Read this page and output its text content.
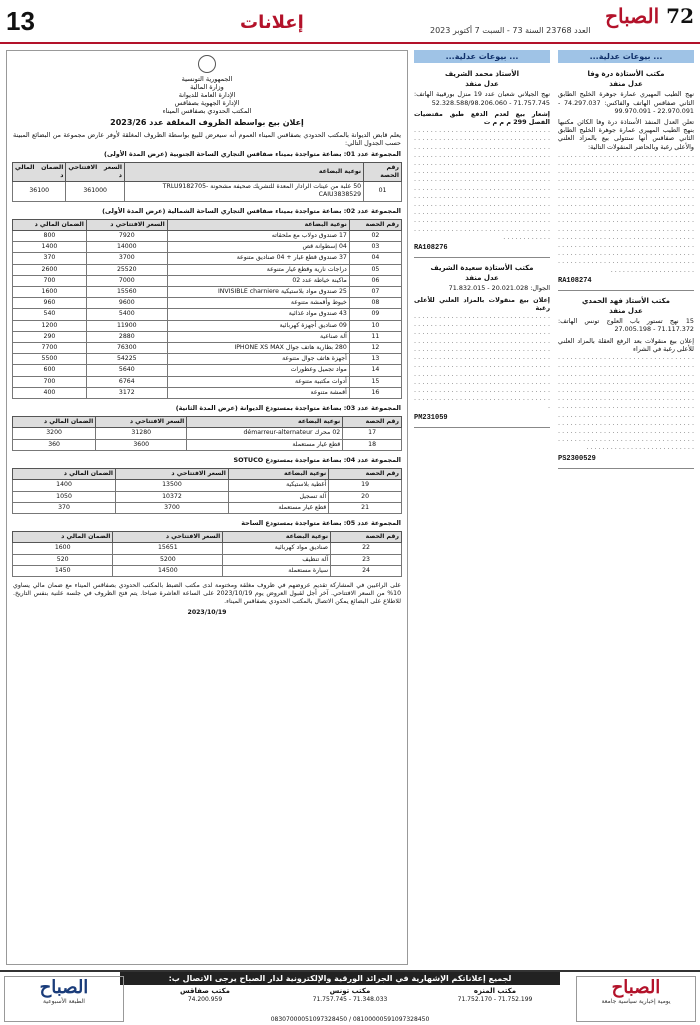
13	إعلانات	العدد 23768 السنة 73 - السبت 7 أكتوبر 2023
72 الصباح
... بيوعات عدلية...
مكتب الأستاذة درة وفا
عدل منفذ

نهج الطيب المهيري عمارة جوهرة الخليج الطابق الثاني صفاقس الهاتف والفاكس: 74.297.037 - 22.970.091 - 99.970.091

تعلن العدل المنفذ الأستاذة درة وفا الكائن مكتبها بنهج الطيب المهيري عمارة جوهرة الخليج الطابق الثاني صفاقس أنها ستتولى بيع بالمزاد العلني والأعلى رغبة وبالحاضر المنقولات التالية:

. . . . . . . . . . . . . . . . . . . . . . . . . . . . . . . . . . . . . . . . . . . . . . . . . . . . . . . . . . . . . . . . . . . . . . . . . . . . . . . . . . . . . . . . . . . . . . . . . . . . . . . . . . . . . . . . . . . . . . . . . . . . . . . . . . . . . . . . . . . . . . . . . . . . . . . . . . . . . . . . . . . . . . . . . . . . . . . . . . . . . . . . . . . . . . . . . . . . . . . . . . . . . . . . . . . . . . . . . . . . . . . . . . . . . . . . . . . . . . . . . . . . . . . . . . . . . . . . . . . . . . . . . . . . . . . . . . . . . . . . . . . . . . . . . . . . . . . . . . . . . . . . . . . . . . . . . . . . . . . . . . . . . . . . . . . . . . . . . . . . . . . . . . . . . . . . . . . . . . . . . . . . . . . . . . . . . . . . . . . . . . . . . . . . . . . . . . . . . . . . . . . . . . . . . . . . . . . . . . . . . . . . . . . . . . . . . . . . . . . . . . . . . . . . . . . . . . . . . . . . . . . . . . . . . . . . . . . . . . . . . . .

RA108274

مكتب الأستاذ فهد الحمدي
عدل منفذ

15 نهج تستور باب العلوج تونس الهاتف: 71.117.372 - 27.005.198

إعلان بيع منقولات بعد الرفع العقلة بالمزاد العلني للأعلى رغبة في الشراء

. . . . . . . . . . . . . . . . . . . . . . . . . . . . . . . . . . . . . . . . . . . . . . . . . . . . . . . . . . . . . . . . . . . . . . . . . . . . . . . . . . . . . . . . . . . . . . . . . . . . . . . . . . . . . . . . . . . . . . . . . . . . . . . . . . . . . . . . . . . . . . . . . . . . . . . . . . . . . . . . . . . . . . . . . . . . . . . . . . . . . . . . . . . . . . . . . . . . . . . . . . . . . . . . . . . . . . . . . . . . . . . . . . . . . . . . . . . . . . . . . . . . . . . . . . . . . . . . . . . . . . . . . . . . . . . . . . . . . . . . . . . . . . . . . . . . . . . . . . . . . . . . . . . . . . . . . . . . . . . . . . . . . . . . . . . . . . . . . . . . . . . . . . . . . . . . . . . . . . . . . . . . . . . . . . . . . . . . . . . . . . . . . . . . . .

PS2300529

... بيوعات عدلية...
الأستاذ محمد الشريف
عدل منفذ

نهج الجيلاني شعبان عدد 19 منزل بورقيبة الهاتف: 71.757.745 - 52.328.588/98.206.060

إشعار بيع لعدم الدفع طبق مقتضيات الفصل 299 م م م ت

. . . . . . . . . . . . . . . . . . . . . . . . . . . . . . . . . . . . . . . . . . . . . . . . . . . . . . . . . . . . . . . . . . . . . . . . . . . . . . . . . . . . . . . . . . . . . . . . . . . . . . . . . . . . . . . . . . . . . . . . . . . . . . . . . . . . . . . . . . . . . . . . . . . . . . . . . . . . . . . . . . . . . . . . . . . . . . . . . . . . . . . . . . . . . . . . . . . . . . . . . . . . . . . . . . . . . . . . . . . . . . . . . . . . . . . . . . . . . . . . . . . . . . . . . . . . . . . . . . . . . . . . . . . . . . . . . . . . . . . . . . . . . . . . . . . . . . . . . . . . . . . . . . . . . . . . . . . . . . . . . . . . . . . . . . . . . . . . . . . . . . . . . . . . . . . . . . . . . . . . . . . . . . . . . . . . . . . . . . . . . . . . . . . . . . . . . . . . . . . . . . . . . . . . . . . . . . . . . . . . . . . . . . . . . . . . . . . . . . . . .

RA108276

مكتب الأستاذة سعيدة الشريف
عدل منفذ

الجوال: 20.021.028 - 71.832.015

إعلان بيع منقولات بالمزاد العلني للأعلى رغبة

. . . . . . . . . . . . . . . . . . . . . . . . . . . . . . . . . . . . . . . . . . . . . . . . . . . . . . . . . . . . . . . . . . . . . . . . . . . . . . . . . . . . . . . . . . . . . . . . . . . . . . . . . . . . . . . . . . . . . . . . . . . . . . . . . . . . . . . . . . . . . . . . . . . . . . . . . . . . . . . . . . . . . . . . . . . . . . . . . . . . . . . . . . . . . . . . . . . . . . . . . . . . . . . . . . . . . . . . . . . . . . . . . . . . . . . . . . . . . . . . . . . . . . . . . . . . . . . . . . . . . . . . . . . . . . . . . . . . . . . . . . . . . . . . . . . . . . . . . . . . . . . . . . . . . . . . . . . . . . . . . . . . . . . . . . . . . . . . . . . . . . . . . . . . . . . . . . . . . . . . . . . .

PM231059

الجمهورية التونسية
وزارة المالية
الإدارة العامة للديوانة
الإدارة الجهوية بصفاقس
المكتب الحدودي بصفاقس الميناء
إعلان بيع بواسطة الظروف المغلقة عدد 2023/26
يعلم قابض الديوانة بالمكتب الحدودي بصفاقس الميناء العموم أنه سيعرض للبيع بواسطة الظروف المغلقة لأوفر عارض مجموعة من البضائع المبينة حسب الجدول التالي:
المجموعة عدد 01: بضاعة متواجدة بميناء صفاقس التجاري الساحة الجنوبية (عرض المدة الأولى)
رقم الحصة	نوعية البضاعة	السعر الافتتاحي د	الضمان المالي د
01	50 علبة من عينات الرادار المعدة للتشريك صحيفة مشحونة TRLU9182705-CAIU3838529	361000	36100
المجموعة عدد 02: بضاعة متواجدة بميناء صفاقس التجاري الساحة الشمالية (عرض المدة الأولى)
رقم الحصة	نوعية البضاعة	السعر الافتتاحي د	الضمان المالي د
02	17 صندوق دولاب مع ملحقاته	7920	800
03	04 إسطوانة قص	14000	1400
04	37 صندوق قطع غيار + 04 صناديق متنوعة	3700	370
05	دراجات نارية وقطع غيار متنوعة	25520	2600
06	ماكينة خياطة عدد 02	7000	700
07	25 صندوق مواد بلاستيكية INVISIBLE charniere	15560	1600
08	خيوط وأقمشة متنوعة	9600	960
09	43 صندوق مواد غذائية	5400	540
10	09 صناديق أجهزة كهربائية	11900	1200
11	آلة صناعية	2880	290
12	280 بطارية هاتف جوال IPHONE XS MAX	76300	7700
13	أجهزة هاتف جوال متنوعة	54225	5500
14	مواد تجميل وعطورات	5640	600
15	أدوات مكتبية متنوعة	6764	700
16	أقمشة متنوعة	3172	400
المجموعة عدد 03: بضاعة متواجدة بمستودع الديوانة (عرض المدة الثانية)
رقم الحصة	نوعية البضاعة	السعر الافتتاحي د	الضمان المالي د
17	02 محرك démarreur-alternateur	31280	3200
18	قطع غيار مستعملة	3600	360
المجموعة عدد 04: بضاعة متواجدة بمستودع SOTUCO
رقم الحصة	نوعية البضاعة	السعر الافتتاحي د	الضمان المالي د
19	أغطية بلاستيكية	13500	1400
20	آلة تسجيل	10372	1050
21	قطع غيار مستعملة	3700	370
المجموعة عدد 05: بضاعة متواجدة بمستودع الساحة
رقم الحصة	نوعية البضاعة	السعر الافتتاحي د	الضمان المالي د
22	صناديق مواد كهربائية	15651	1600
23	آلة تنظيف	5200	520
24	سيارة مستعملة	14500	1450
على الراغبين في المشاركة تقديم عروضهم في ظروف مغلقة ومختومة لدى مكتب الضبط بالمكتب الحدودي بصفاقس الميناء مع ضمان مالي يساوي 10% من السعر الافتتاحي. آخر أجل لقبول العروض يوم 2023/10/19 على الساعة العاشرة صباحا. يتم فتح الظروف في جلسة علنية بنفس التاريخ. للاطلاع على البضائع يمكن الاتصال بالمكتب الحدودي بصفاقس الميناء.
2023/10/19
لجميع إعلاناتكم الإشهارية في الجرائد الورقية والإلكترونية لدار الصباح يرجى الاتصال ب:	الصباح
يومية إخبارية سياسية جامعة
مكتب المنزه
71.752.199 - 71.752.170
مكتب تونس
71.348.033 - 71.757.745
مكتب صفاقس
74.200.959
08307000051097328450 / 08100000591097328450
الصباح
الطبعة الأسبوعية
